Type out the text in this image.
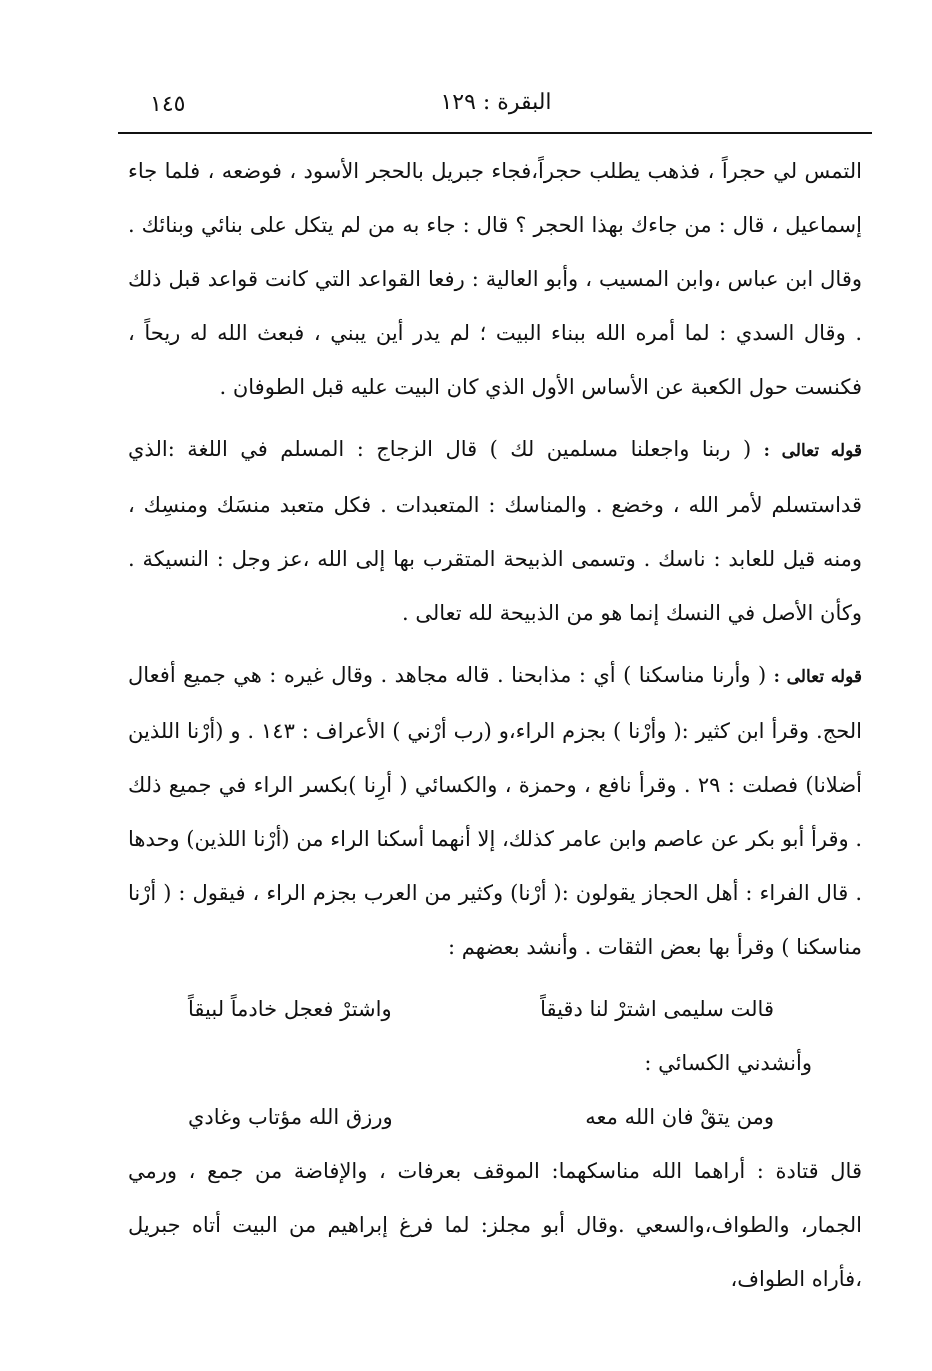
١٤٥	البقرة : ١٢٩

التمس لي حجراً ، فذهب يطلب حجراً،فجاء جبريل بالحجر الأسود ، فوضعه ، فلما جاء إسماعيل ، قال : من جاءك بهذا الحجر ؟ قال : جاء به من لم يتكل على بنائي وبنائك . وقال ابن عباس ،وابن المسيب ، وأبو العالية : رفعا القواعد التي كانت قواعد قبل ذلك . وقال السدي : لما أمره الله ببناء البيت ؛ لم يدر أين يبني ، فبعث الله له ريحاً ، فكنست حول الكعبة عن الأساس الأول الذي كان البيت عليه قبل الطوفان .

قوله تعالى : ( ربنا واجعلنا مسلمين لك ) قال الزجاج : المسلم في اللغة :الذي قداستسلم لأمر الله ، وخضع . والمناسك : المتعبدات . فكل متعبد منسَك ومنسِك ، ومنه قيل للعابد : ناسك . وتسمى الذبيحة المتقرب بها إلى الله ،عز وجل : النسيكة . وكأن الأصل في النسك إنما هو من الذبيحة لله تعالى .

قوله تعالى : ( وأرنا مناسكنا ) أي : مذابحنا . قاله مجاهد . وقال غيره : هي جميع أفعال الحج. وقرأ ابن كثير :( وأرْنا ) بجزم الراء،و (رب أرْني ) الأعراف : ١٤٣ . و (أرْنا اللذين أضلانا) فصلت : ٢٩ . وقرأ نافع ، وحمزة ، والكسائي ( أرِنا )بكسر الراء في جميع ذلك . وقرأ أبو بكر عن عاصم وابن عامر كذلك، إلا أنهما أسكنا الراء من (أرْنا اللذين) وحدها . قال الفراء : أهل الحجاز يقولون :( أرْنا) وكثير من العرب بجزم الراء ، فيقول : ( أرْنا مناسكنا ) وقرأ بها بعض الثقات . وأنشد بعضهم :

قالت سليمى اشترْ لنا دقيقاً
واشترْ فعجل خادماً لبيقاً
وأنشدني الكسائي :
ومن يتقْ فان الله معه
ورزق الله مؤتاب وغادي

قال قتادة : أراهما الله مناسكهما: الموقف بعرفات ، والإفاضة من جمع ، ورمي الجمار، والطواف،والسعي .وقال أبو مجلز: لما فرغ إبراهيم من البيت أتاه جبريل ،فأراه الطواف،
